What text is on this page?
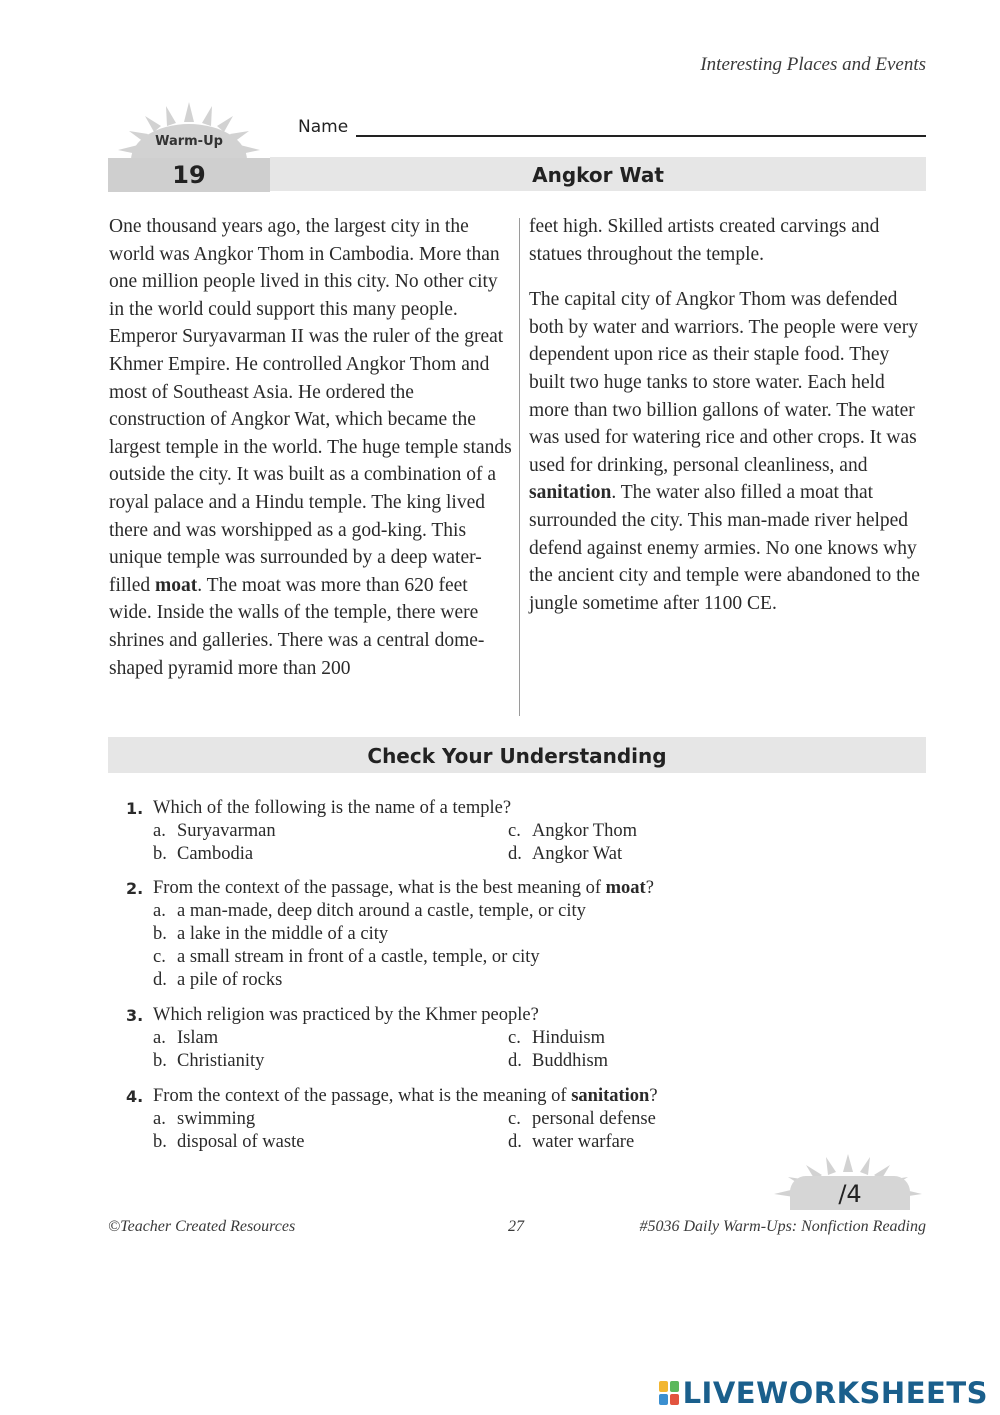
Interesting Places and Events
Warm-Up
19
Name
Angkor Wat

One thousand years ago, the largest city in the world was Angkor Thom in Cambodia. More than one million people lived in this city. No other city in the world could support this many people. Emperor Suryavarman II was the ruler of the great Khmer Empire. He controlled Angkor Thom and most of Southeast Asia. He ordered the construction of Angkor Wat, which became the largest temple in the world. The huge temple stands outside the city. It was built as a combination of a royal palace and a Hindu temple. The king lived there and was worshipped as a god-king. This unique temple was surrounded by a deep water-filled moat. The moat was more than 620 feet wide. Inside the walls of the temple, there were shrines and galleries. There was a central dome-shaped pyramid more than 200

feet high. Skilled artists created carvings and statues throughout the temple.

The capital city of Angkor Thom was defended both by water and warriors. The people were very dependent upon rice as their staple food. They built two huge tanks to store water. Each held more than two billion gallons of water. The water was used for watering rice and other crops. It was used for drinking, personal cleanliness, and sanitation. The water also filled a moat that surrounded the city. This man-made river helped defend against enemy armies. No one knows why the ancient city and temple were abandoned to the jungle sometime after 1100 CE.

Check Your Understanding
1. Which of the following is the name of a temple?
a. Suryavarman
b. Cambodia
c. Angkor Thom
d. Angkor Wat
2. From the context of the passage, what is the best meaning of moat?
a. a man-made, deep ditch around a castle, temple, or city
b. a lake in the middle of a city
c. a small stream in front of a castle, temple, or city
d. a pile of rocks
3. Which religion was practiced by the Khmer people?
a. Islam
b. Christianity
c. Hinduism
d. Buddhism
4. From the context of the passage, what is the meaning of sanitation?
a. swimming
b. disposal of waste
c. personal defense
d. water warfare
/4
©Teacher Created Resources	27	#5036 Daily Warm-Ups: Nonfiction Reading
LIVEWORKSHEETS
